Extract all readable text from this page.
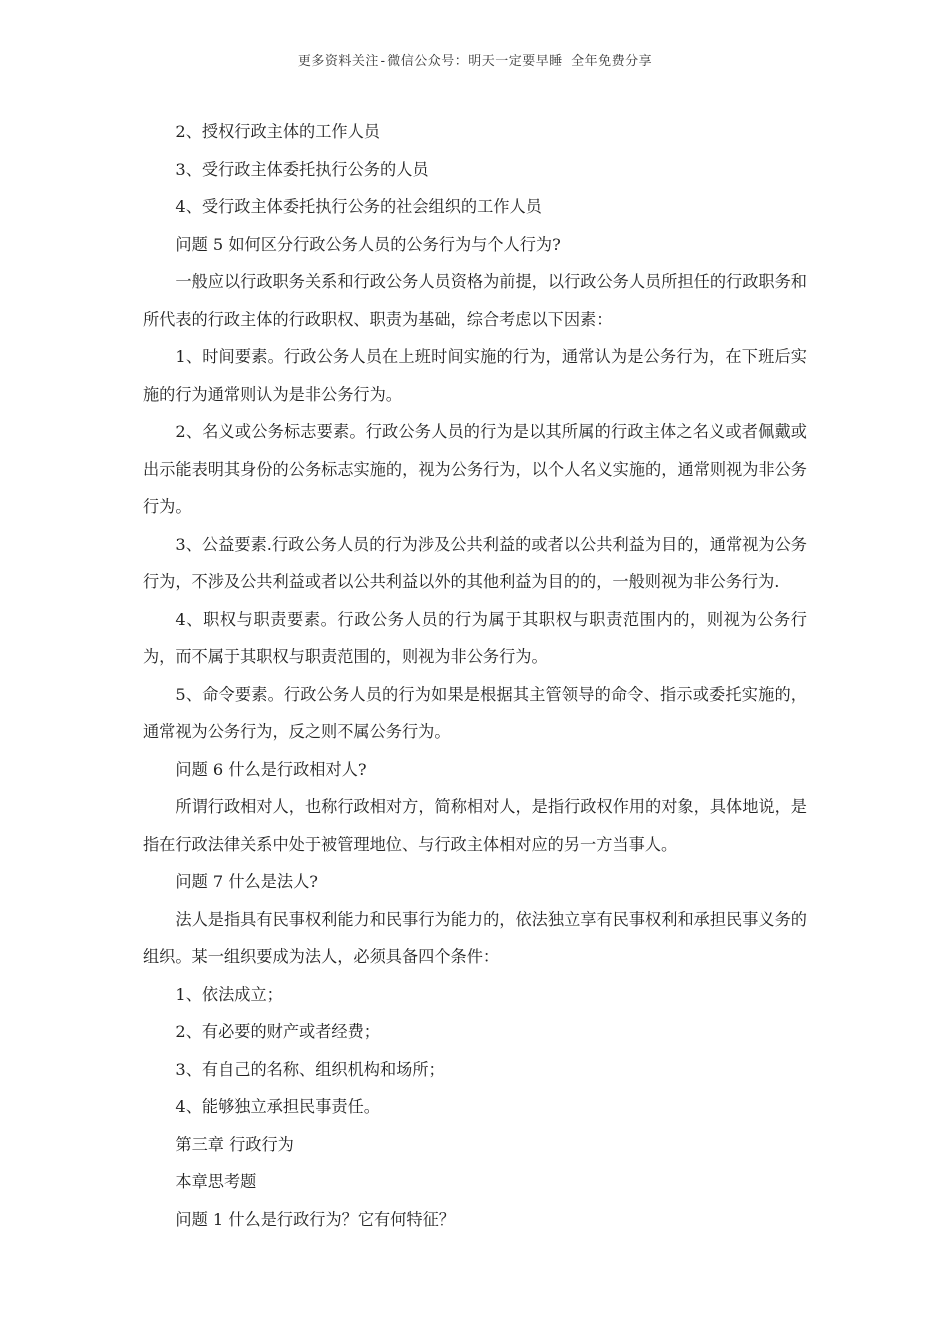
更多资料关注-微信公众号：明天一定要早睡 全年免费分享

2、授权行政主体的工作人员

3、受行政主体委托执行公务的人员

4、受行政主体委托执行公务的社会组织的工作人员

问题 5 如何区分行政公务人员的公务行为与个人行为?

一般应以行政职务关系和行政公务人员资格为前提，以行政公务人员所担任的行政职务和所代表的行政主体的行政职权、职责为基础，综合考虑以下因素：

1、时间要素。行政公务人员在上班时间实施的行为，通常认为是公务行为，在下班后实施的行为通常则认为是非公务行为。

2、名义或公务标志要素。行政公务人员的行为是以其所属的行政主体之名义或者佩戴或出示能表明其身份的公务标志实施的，视为公务行为，以个人名义实施的，通常则视为非公务行为。

3、公益要素.行政公务人员的行为涉及公共利益的或者以公共利益为目的，通常视为公务行为，不涉及公共利益或者以公共利益以外的其他利益为目的的，一般则视为非公务行为.

4、职权与职责要素。行政公务人员的行为属于其职权与职责范围内的，则视为公务行为，而不属于其职权与职责范围的，则视为非公务行为。

5、命令要素。行政公务人员的行为如果是根据其主管领导的命令、指示或委托实施的，通常视为公务行为，反之则不属公务行为。

问题 6 什么是行政相对人?

所谓行政相对人，也称行政相对方，简称相对人，是指行政权作用的对象，具体地说，是指在行政法律关系中处于被管理地位、与行政主体相对应的另一方当事人。

问题 7 什么是法人?

法人是指具有民事权利能力和民事行为能力的，依法独立享有民事权利和承担民事义务的组织。某一组织要成为法人，必须具备四个条件：

1、依法成立；

2、有必要的财产或者经费；

3、有自己的名称、组织机构和场所；

4、能够独立承担民事责任。

第三章 行政行为

本章思考题

问题 1 什么是行政行为？它有何特征？
